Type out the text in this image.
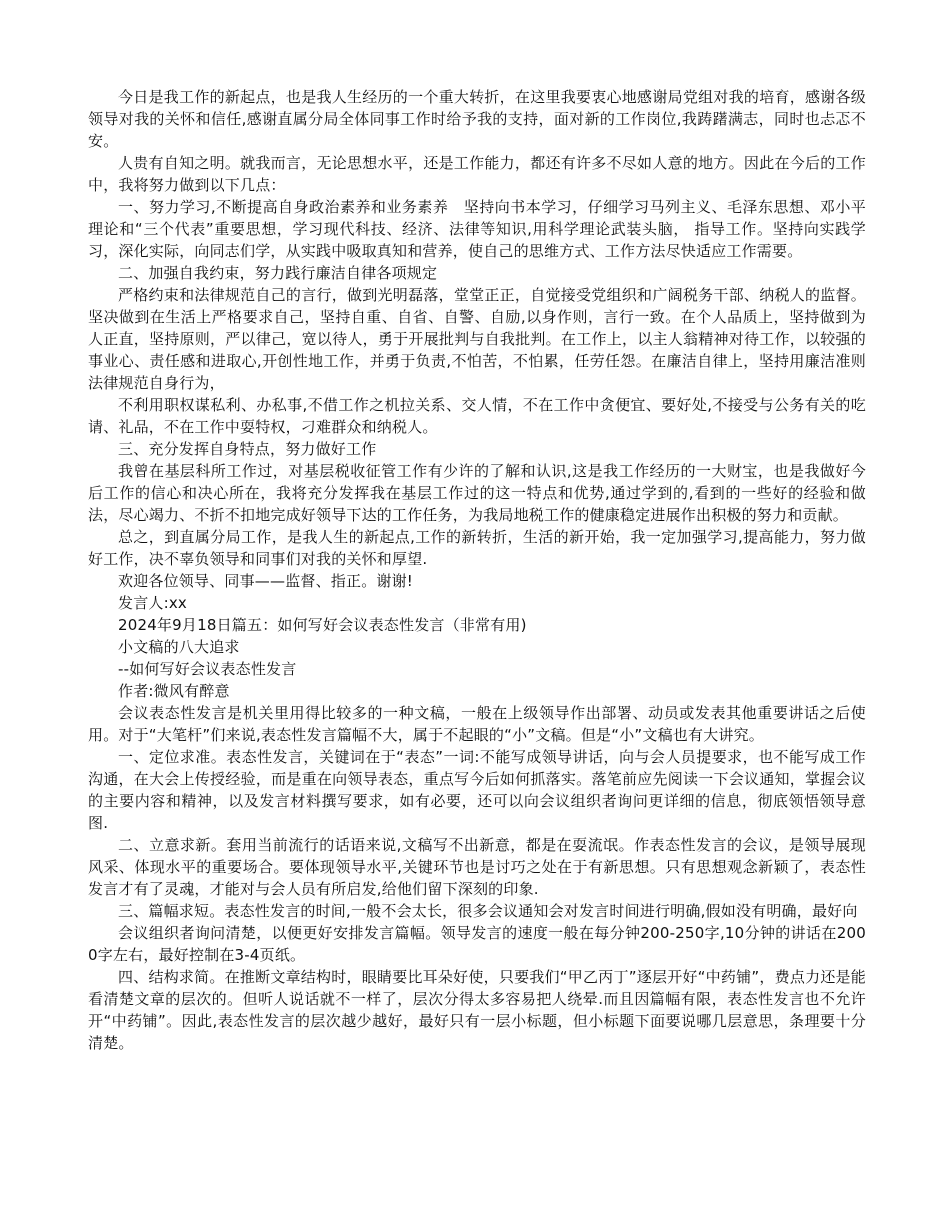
今日是我工作的新起点，也是我人生经历的一个重大转折，在这里我要衷心地感谢局党组对我的培育，感谢各级领导对我的关怀和信任,感谢直属分局全体同事工作时给予我的支持，面对新的工作岗位,我踌躇满志，同时也忐忑不安。

人贵有自知之明。就我而言，无论思想水平，还是工作能力，都还有许多不尽如人意的地方。因此在今后的工作中，我将努力做到以下几点：

一、努力学习,不断提高自身政治素养和业务素养　坚持向书本学习，仔细学习马列主义、毛泽东思想、邓小平理论和“三个代表”重要思想，学习现代科技、经济、法律等知识,用科学理论武装头脑， 指导工作。坚持向实践学习，深化实际，向同志们学，从实践中吸取真知和营养，使自己的思维方式、工作方法尽快适应工作需要。

二、加强自我约束，努力践行廉洁自律各项规定

严格约束和法律规范自己的言行，做到光明磊落，堂堂正正，自觉接受党组织和广阔税务干部、纳税人的监督。坚决做到在生活上严格要求自己，坚持自重、自省、自警、自励,以身作则，言行一致。在个人品质上，坚持做到为人正直，坚持原则，严以律己，宽以待人，勇于开展批判与自我批判。在工作上，以主人翁精神对待工作，以较强的事业心、责任感和进取心,开创性地工作，并勇于负责,不怕苦，不怕累，任劳任怨。在廉洁自律上，坚持用廉洁准则法律规范自身行为，

不利用职权谋私利、办私事,不借工作之机拉关系、交人情，不在工作中贪便宜、要好处,不接受与公务有关的吃请、礼品，不在工作中耍特权，刁难群众和纳税人。

三、充分发挥自身特点，努力做好工作

我曾在基层科所工作过，对基层税收征管工作有少许的了解和认识,这是我工作经历的一大财宝，也是我做好今后工作的信心和决心所在，我将充分发挥我在基层工作过的这一特点和优势,通过学到的,看到的一些好的经验和做法，尽心竭力、不折不扣地完成好领导下达的工作任务，为我局地税工作的健康稳定进展作出积极的努力和贡献。

总之，到直属分局工作，是我人生的新起点,工作的新转折，生活的新开始，我一定加强学习,提高能力，努力做好工作，决不辜负领导和同事们对我的关怀和厚望.

欢迎各位领导、同事——监督、指正。谢谢!

发言人:xx

2024年9月18日篇五：如何写好会议表态性发言（非常有用)

小文稿的八大追求

--如何写好会议表态性发言

作者:微风有醉意

会议表态性发言是机关里用得比较多的一种文稿，一般在上级领导作出部署、动员或发表其他重要讲话之后使用。对于“大笔杆”们来说,表态性发言篇幅不大，属于不起眼的“小”文稿。但是“小”文稿也有大讲究。

一、定位求准。表态性发言，关键词在于“表态”一词:不能写成领导讲话，向与会人员提要求，也不能写成工作沟通，在大会上传授经验，而是重在向领导表态，重点写今后如何抓落实。落笔前应先阅读一下会议通知，掌握会议的主要内容和精神，以及发言材料撰写要求，如有必要，还可以向会议组织者询问更详细的信息，彻底领悟领导意图.

二、立意求新。套用当前流行的话语来说,文稿写不出新意，都是在耍流氓。作表态性发言的会议，是领导展现风采、体现水平的重要场合。要体现领导水平,关键环节也是讨巧之处在于有新思想。只有思想观念新颖了，表态性发言才有了灵魂，才能对与会人员有所启发,给他们留下深刻的印象.

三、篇幅求短。表态性发言的时间,一般不会太长，很多会议通知会对发言时间进行明确,假如没有明确，最好向

会议组织者询问清楚，以便更好安排发言篇幅。领导发言的速度一般在每分钟200-250字,10分钟的讲话在2000字左右，最好控制在3-4页纸。

四、结构求简。在推断文章结构时，眼睛要比耳朵好使，只要我们“甲乙丙丁”逐层开好“中药铺”，费点力还是能看清楚文章的层次的。但听人说话就不一样了，层次分得太多容易把人绕晕.而且因篇幅有限，表态性发言也不允许开“中药铺”。因此,表态性发言的层次越少越好，最好只有一层小标题，但小标题下面要说哪几层意思，条理要十分清楚。
